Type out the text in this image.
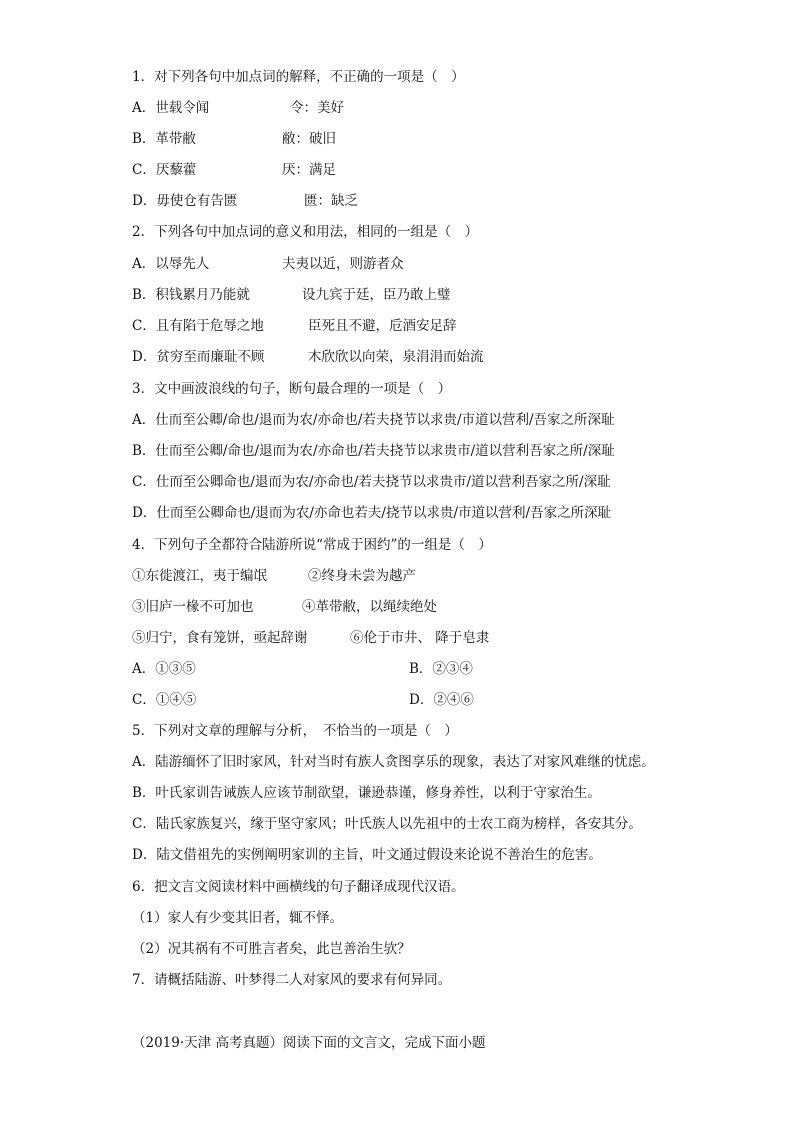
1．对下列各句中加点词的解释，不正确的一项是（　）
A．世载令闻	令：美好
B．革带敝	敝：破旧
C．厌藜藿	厌：满足
D．毋使仓有告匮	匮：缺乏
2．下列各句中加点词的意义和用法，相同的一组是（　）
A．以辱先人	夫夷以近，则游者众
B．积钱累月乃能就	设九宾于廷，臣乃敢上璧
C．且有陷于危辱之地	臣死且不避，卮酒安足辞
D．贫穷至而廉耻不顾	木欣欣以向荣，泉涓涓而始流
3．文中画波浪线的句子，断句最合理的一项是（　）
A．仕而至公卿/命也/退而为农/亦命也/若夫挠节以求贵/市道以营利/吾家之所深耻
B．仕而至公卿/命也/退而为农/亦命也/若夫挠节以求贵市/道以营利吾家之所/深耻
C．仕而至公卿命也/退而为农/亦命也/若夫挠节以求贵市/道以营利吾家之所/深耻
D．仕而至公卿命也/退而为农/亦命也若夫/挠节以求贵/市道以营利/吾家之所深耻
4．下列句子全都符合陆游所说“常成于困约”的一组是（　）
①东徙渡江，夷于编氓	②终身未尝为越产
③旧庐一椽不可加也	④革带敝，以绳续绝处
⑤归宁，食有笼饼，亟起辞谢	⑥伦于市井、 降于皂隶
A．①③⑤	B．②③④
C．①④⑤	D．②④⑥
5．下列对文章的理解与分析，　不恰当的一项是（　）
A．陆游缅怀了旧时家风，针对当时有族人贪图享乐的现象，表达了对家风难继的忧虑。
B．叶氏家训告诫族人应该节制欲望，谦逊恭谨，修身养性，以利于守家治生。
C．陆氏家族复兴，缘于坚守家风；叶氏族人以先祖中的士农工商为榜样，各安其分。
D．陆文借祖先的实例阐明家训的主旨，叶文通过假设来论说不善治生的危害。
6．把文言文阅读材料中画横线的句子翻译成现代汉语。
（1）家人有少变其旧者，辄不怿。
（2）况其祸有不可胜言者矣，此岂善治生欤？
7．请概括陆游、叶梦得二人对家风的要求有何异同。
（2019·天津 高考真题）阅读下面的文言文，完成下面小题
